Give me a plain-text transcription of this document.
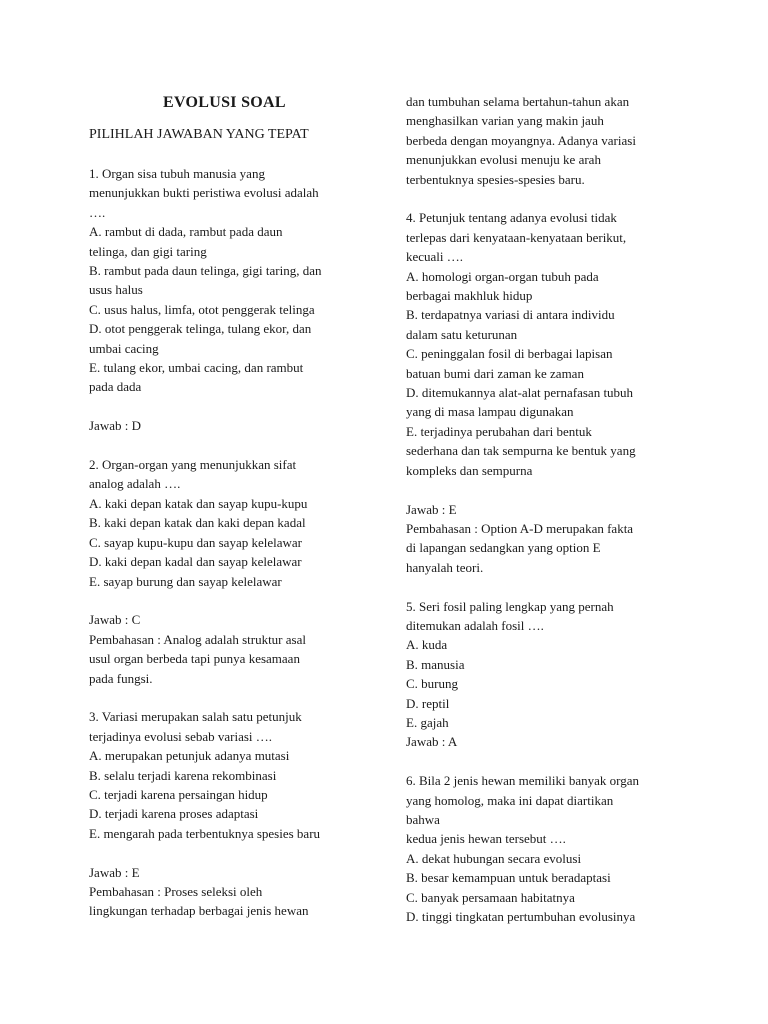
EVOLUSI SOAL
PILIHLAH JAWABAN YANG TEPAT
1. Organ sisa tubuh manusia yang
menunjukkan bukti peristiwa evolusi adalah
….
A. rambut di dada, rambut pada daun
telinga, dan gigi taring
B. rambut pada daun telinga, gigi taring, dan
usus halus
C. usus halus, limfa, otot penggerak telinga
D. otot penggerak telinga, tulang ekor, dan
umbai cacing
E. tulang ekor, umbai cacing, dan rambut
pada dada
Jawab : D
2. Organ-organ yang menunjukkan sifat
analog adalah ….
A. kaki depan katak dan sayap kupu-kupu
B. kaki depan katak dan kaki depan kadal
C. sayap kupu-kupu dan sayap kelelawar
D. kaki depan kadal dan sayap kelelawar
E. sayap burung dan sayap kelelawar
Jawab : C
Pembahasan : Analog adalah struktur asal
usul organ berbeda tapi punya kesamaan
pada fungsi.
3. Variasi merupakan salah satu petunjuk
terjadinya evolusi sebab variasi ….
A. merupakan petunjuk adanya mutasi
B. selalu terjadi karena rekombinasi
C. terjadi karena persaingan hidup
D. terjadi karena proses adaptasi
E. mengarah pada terbentuknya spesies baru
Jawab : E
Pembahasan : Proses seleksi oleh
lingkungan terhadap berbagai jenis hewan
dan tumbuhan selama bertahun-tahun akan
menghasilkan varian yang makin jauh
berbeda dengan moyangnya. Adanya variasi
menunjukkan evolusi menuju ke arah
terbentuknya spesies-spesies baru.
4. Petunjuk tentang adanya evolusi tidak
terlepas dari kenyataan-kenyataan berikut,
kecuali ….
A. homologi organ-organ tubuh pada
berbagai makhluk hidup
B. terdapatnya variasi di antara individu
dalam satu keturunan
C. peninggalan fosil di berbagai lapisan
batuan bumi dari zaman ke zaman
D. ditemukannya alat-alat pernafasan tubuh
yang di masa lampau digunakan
E. terjadinya perubahan dari bentuk
sederhana dan tak sempurna ke bentuk yang
kompleks dan sempurna
Jawab : E
Pembahasan : Option A-D merupakan fakta
di lapangan sedangkan yang option E
hanyalah teori.
5. Seri fosil paling lengkap yang pernah
ditemukan adalah fosil ….
A. kuda
B. manusia
C. burung
D. reptil
E. gajah
Jawab : A
6. Bila 2 jenis hewan memiliki banyak organ
yang homolog, maka ini dapat diartikan
bahwa
kedua jenis hewan tersebut ….
A. dekat hubungan secara evolusi
B. besar kemampuan untuk beradaptasi
C. banyak persamaan habitatnya
D. tinggi tingkatan pertumbuhan evolusinya
